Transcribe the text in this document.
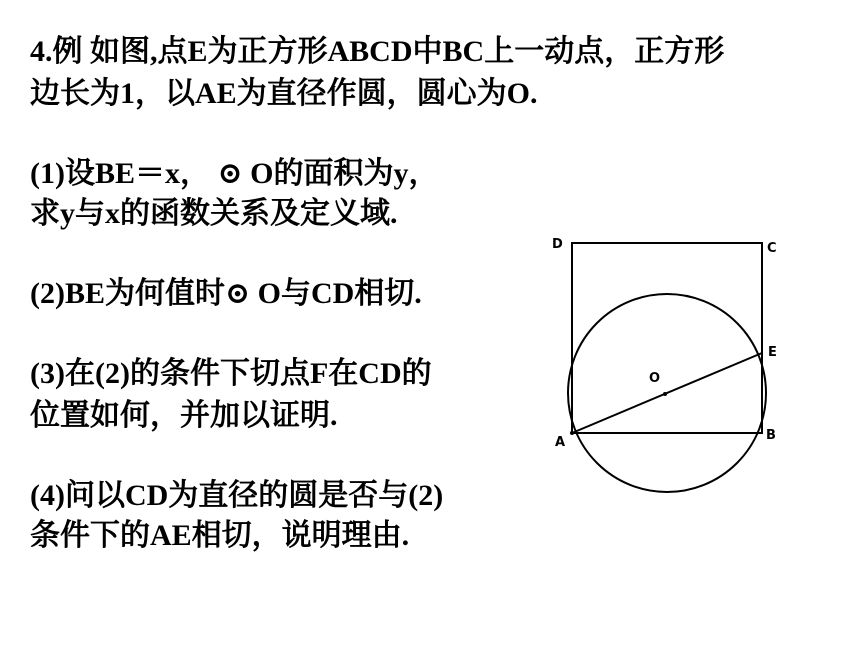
4.例 如图,点E为正方形ABCD中BC上一动点，正方形
边长为1，以AE为直径作圆，圆心为O.
(1)设BE＝x， ⊙ O的面积为y，
求y与x的函数关系及定义域.
(2)BE为何值时⊙ O与CD相切.
(3)在(2)的条件下切点F在CD的
位置如何，并加以证明.
(4)问以CD为直径的圆是否与(2)
条件下的AE相切，说明理由.
D	C
E
O
A	B
